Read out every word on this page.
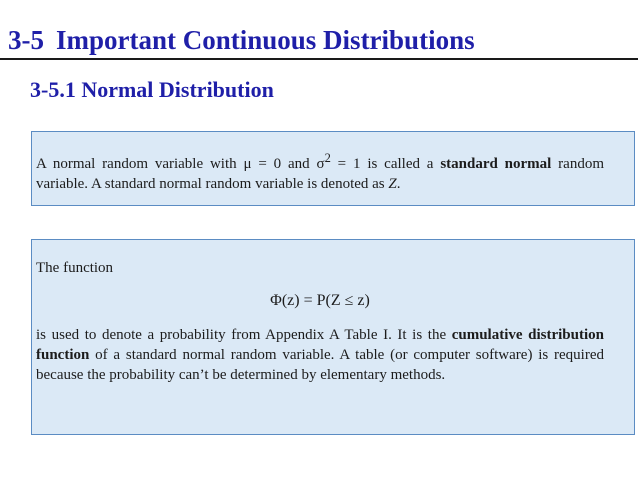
3-5 Important Continuous Distributions
3-5.1 Normal Distribution

A normal random variable with μ = 0 and $\sigma^2 = 1$ is called a standard normal random variable. A standard normal random variable is denoted as Z.

The function

Φ(z) = P(Z ≤ z)

is used to denote a probability from Appendix A Table I. It is the cumulative distribution function of a standard normal random variable. A table (or computer software) is required because the probability can’t be determined by elementary methods.
